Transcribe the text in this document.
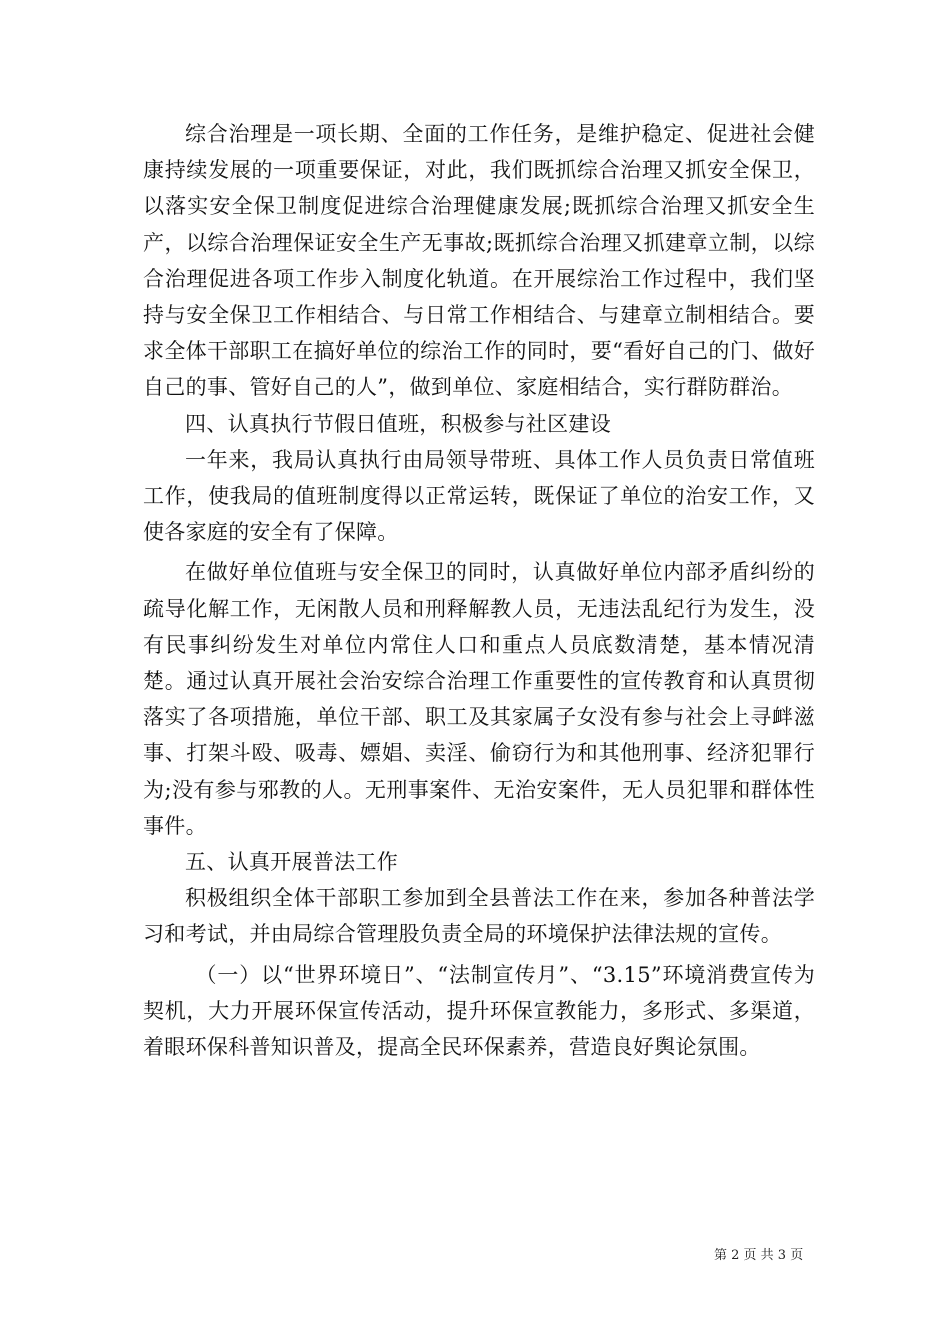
综合治理是一项长期、全面的工作任务，是维护稳定、促进社会健康持续发展的一项重要保证，对此，我们既抓综合治理又抓安全保卫，以落实安全保卫制度促进综合治理健康发展;既抓综合治理又抓安全生产，以综合治理保证安全生产无事故;既抓综合治理又抓建章立制，以综合治理促进各项工作步入制度化轨道。在开展综治工作过程中，我们坚持与安全保卫工作相结合、与日常工作相结合、与建章立制相结合。要求全体干部职工在搞好单位的综治工作的同时，要“看好自己的门、做好自己的事、管好自己的人”，做到单位、家庭相结合，实行群防群治。

四、认真执行节假日值班，积极参与社区建设

一年来，我局认真执行由局领导带班、具体工作人员负责日常值班工作，使我局的值班制度得以正常运转，既保证了单位的治安工作，又使各家庭的安全有了保障。

在做好单位值班与安全保卫的同时，认真做好单位内部矛盾纠纷的疏导化解工作，无闲散人员和刑释解教人员，无违法乱纪行为发生，没有民事纠纷发生对单位内常住人口和重点人员底数清楚，基本情况清楚。通过认真开展社会治安综合治理工作重要性的宣传教育和认真贯彻落实了各项措施，单位干部、职工及其家属子女没有参与社会上寻衅滋事、打架斗殴、吸毒、嫖娼、卖淫、偷窃行为和其他刑事、经济犯罪行为;没有参与邪教的人。无刑事案件、无治安案件，无人员犯罪和群体性事件。

五、认真开展普法工作

积极组织全体干部职工参加到全县普法工作在来，参加各种普法学习和考试，并由局综合管理股负责全局的环境保护法律法规的宣传。

（一）以“世界环境日”、“法制宣传月”、“3.15”环境消费宣传为契机，大力开展环保宣传活动，提升环保宣教能力，多形式、多渠道，着眼环保科普知识普及，提高全民环保素养，营造良好舆论氛围。

第 2 页 共 3 页
